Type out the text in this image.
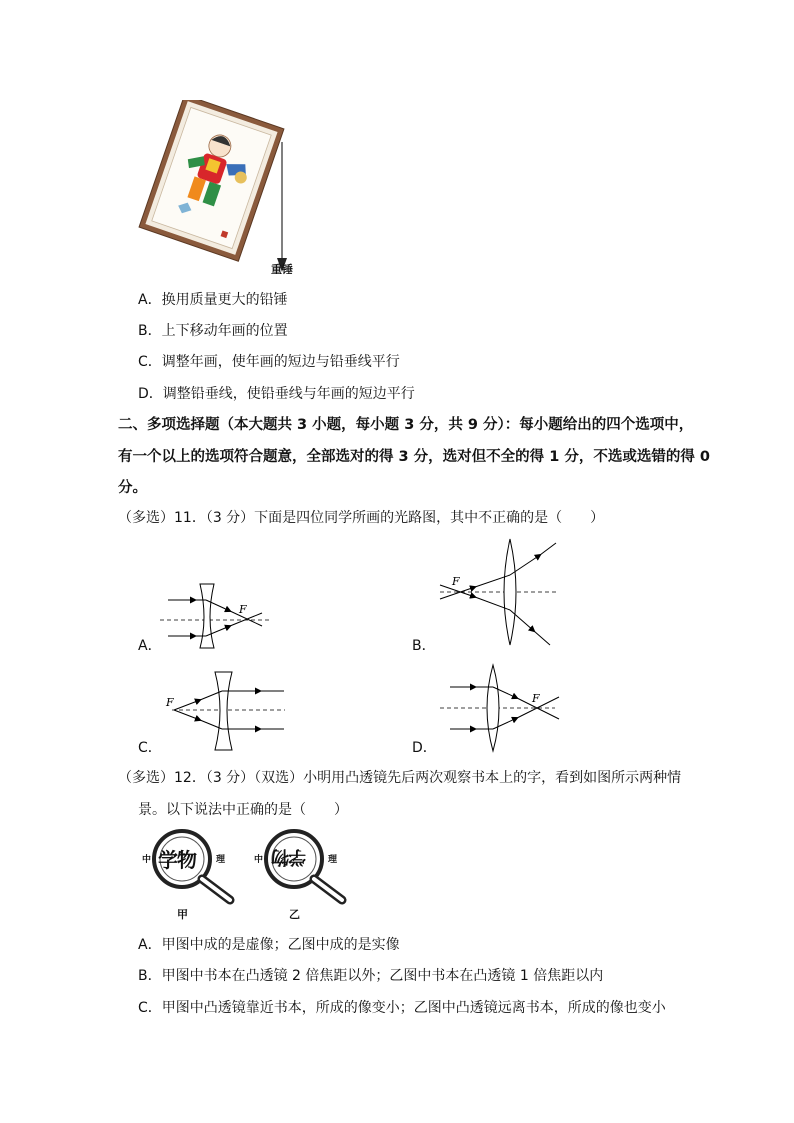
重锤
A．换用质量更大的铅锤
B．上下移动年画的位置
C．调整年画，使年画的短边与铅垂线平行
D．调整铅垂线，使铅垂线与年画的短边平行
二、多项选择题（本大题共 3 小题，每小题 3 分，共 9 分）：每小题给出的四个选项中，
有一个以上的选项符合题意，全部选对的得 3 分，选对但不全的得 1 分，不选或选错的得 0
分。
（多选）11．（3 分）下面是四位同学所画的光路图，其中不正确的是（　　）
F
A．
F
B．
F
C．
F
D．
（多选）12．（3 分）（双选）小明用凸透镜先后两次观察书本上的字，看到如图所示两种情
景。以下说法中正确的是（　　）
中 学物 理
甲
中 学物 理
乙
A．甲图中成的是虚像；乙图中成的是实像
B．甲图中书本在凸透镜 2 倍焦距以外；乙图中书本在凸透镜 1 倍焦距以内
C．甲图中凸透镜靠近书本，所成的像变小；乙图中凸透镜远离书本，所成的像也变小
